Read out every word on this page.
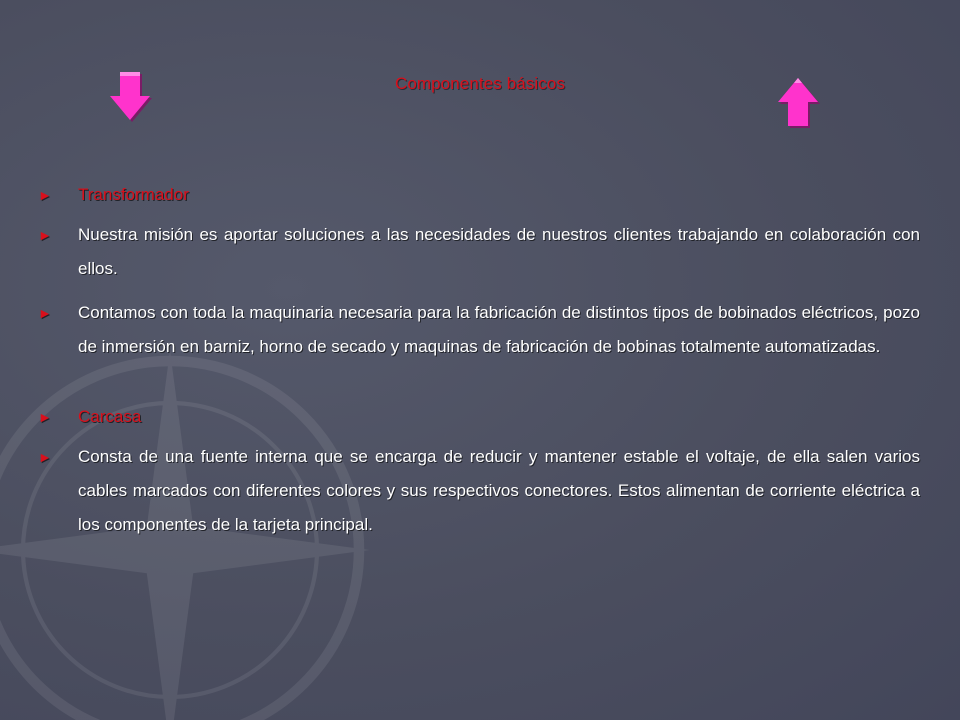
Componentes básicos
► Transformador
► Nuestra misión es aportar soluciones a las necesidades de nuestros clientes trabajando en colaboración con ellos.
► Contamos con toda la maquinaria necesaria para la fabricación de distintos tipos de bobinados eléctricos, pozo de inmersión en barniz, horno de secado y maquinas de fabricación de bobinas totalmente automatizadas.
► Carcasa
► Consta de una fuente interna que se encarga de reducir y mantener estable el voltaje, de ella salen varios cables marcados con diferentes colores y sus respectivos conectores. Estos alimentan de corriente eléctrica a los componentes de la tarjeta principal.
